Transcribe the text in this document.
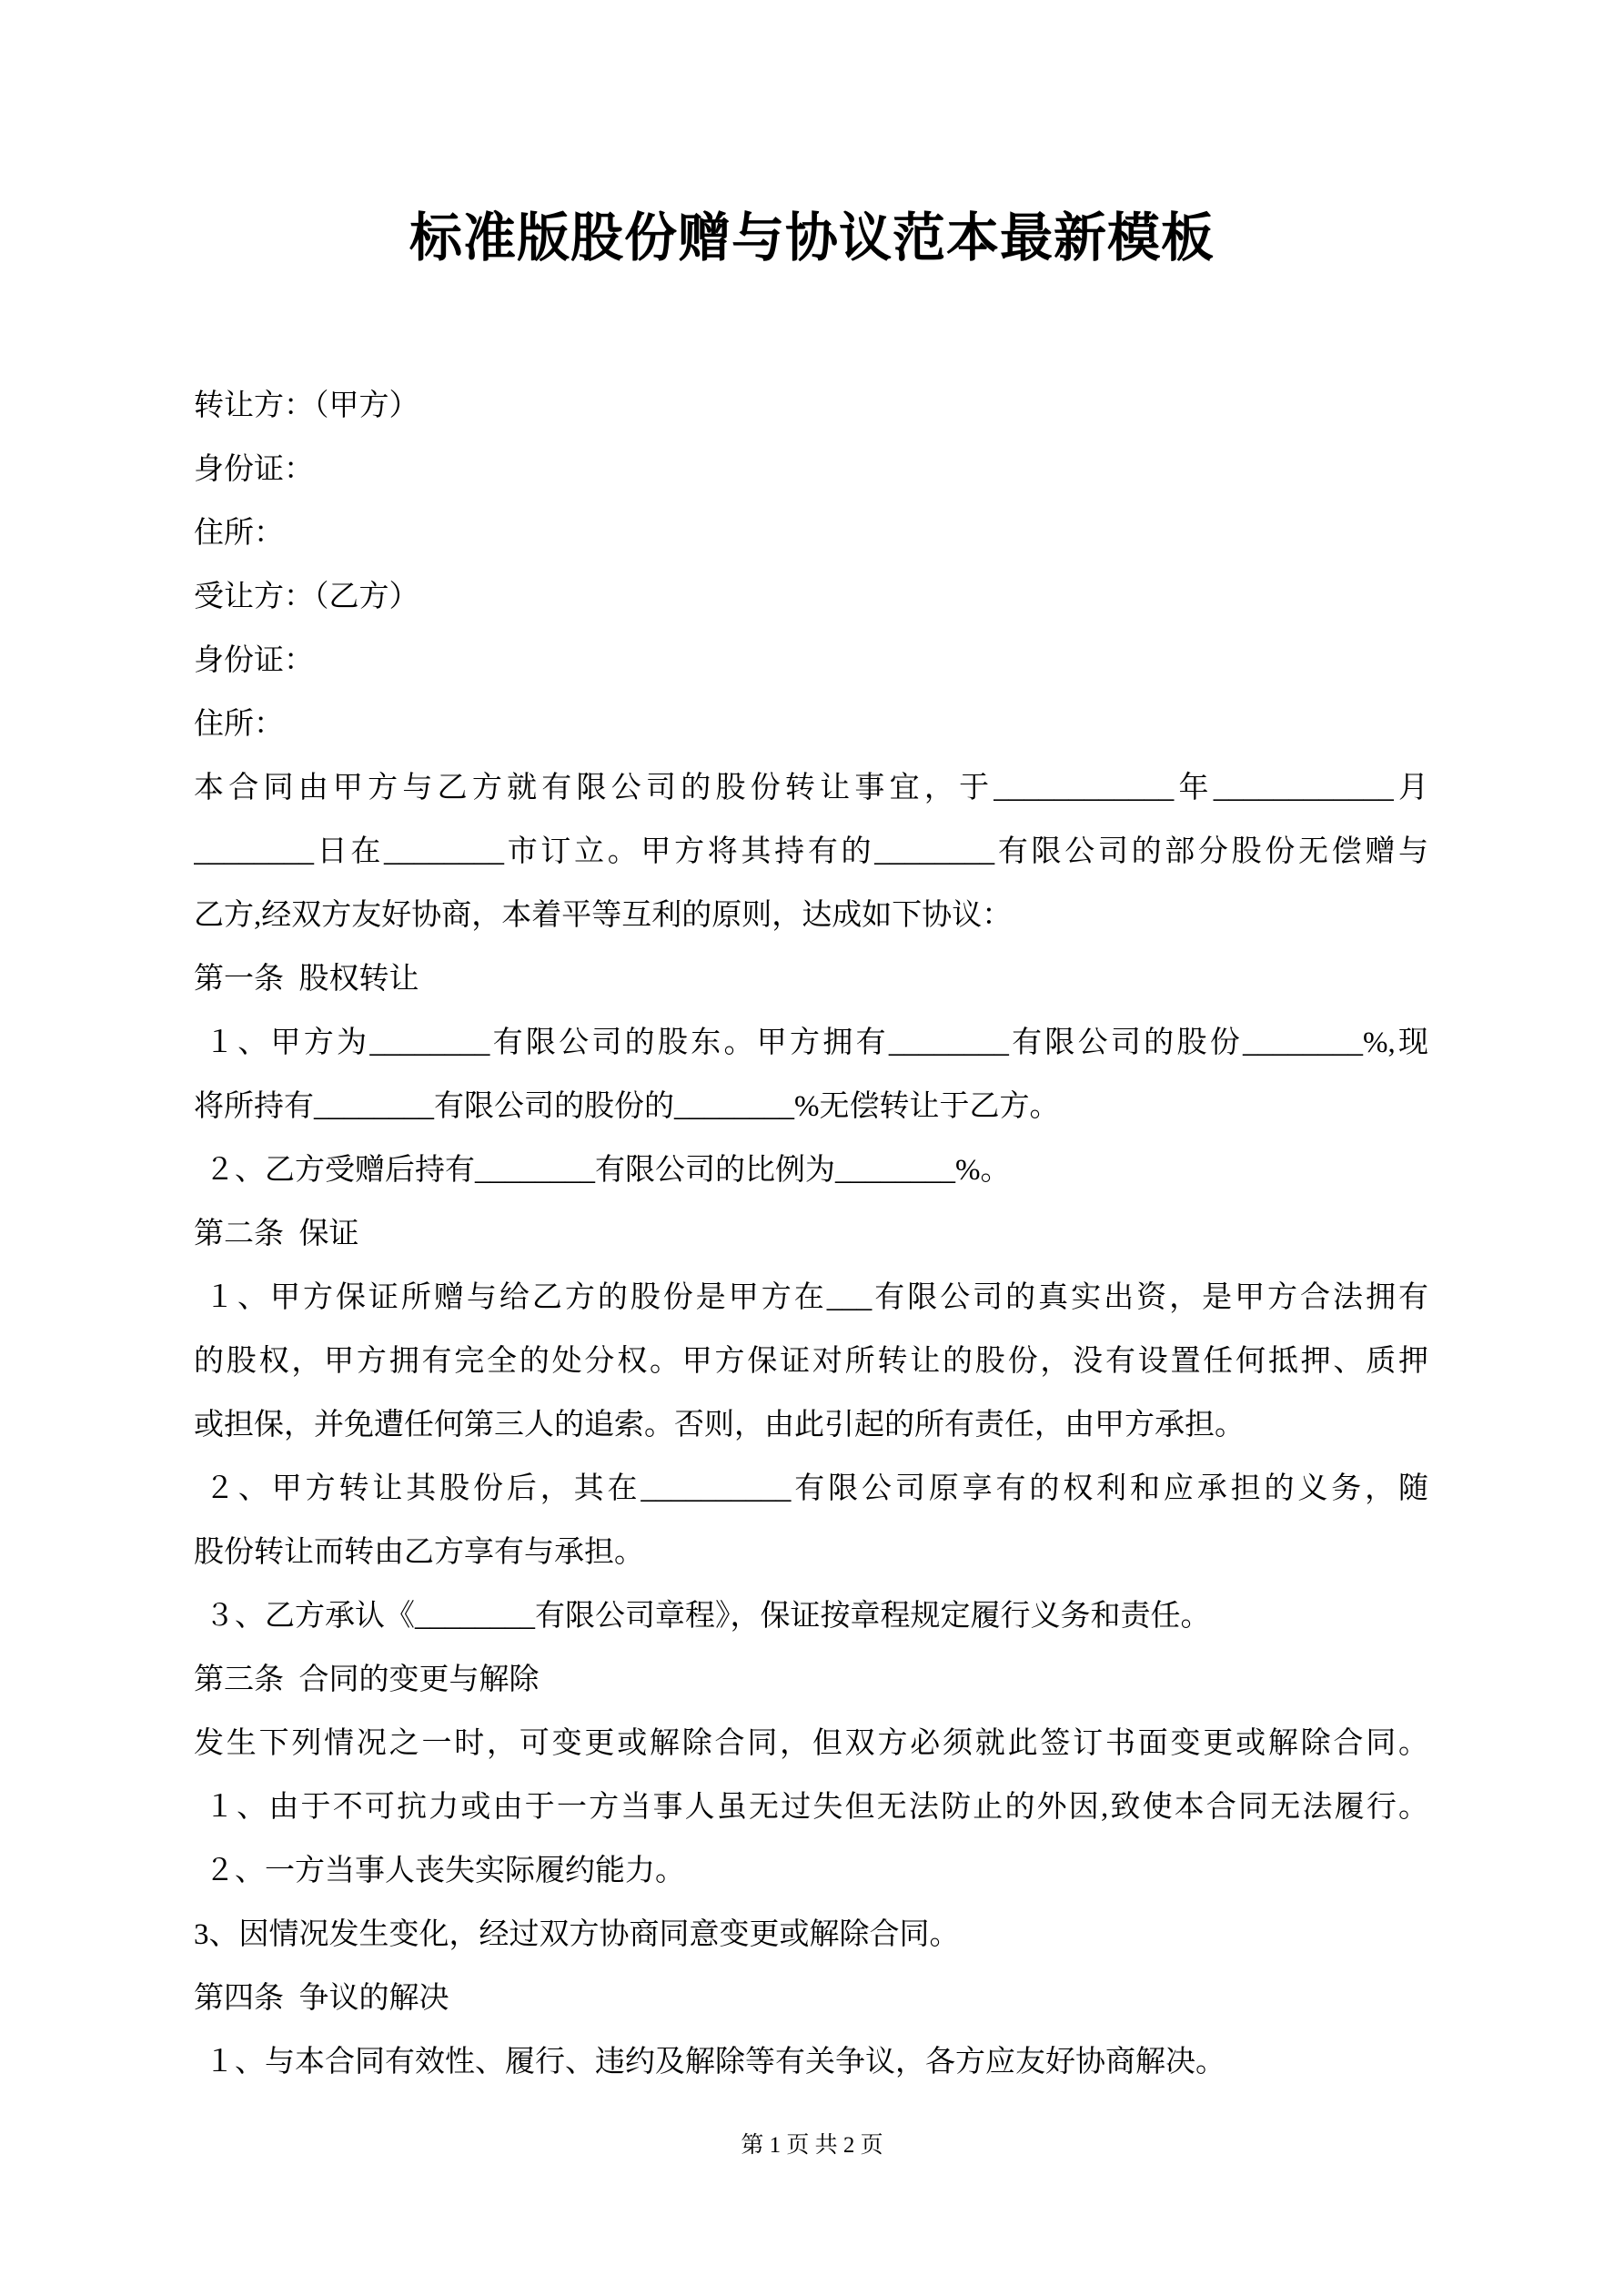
标准版股份赠与协议范本最新模板
转让方：（甲方）
身份证：
住所：
受让方：（乙方）
身份证：
住所：
本合同由甲方与乙方就有限公司的股份转让事宜，于____________年____________月
________日在________市订立。甲方将其持有的________有限公司的部分股份无偿赠与
乙方,经双方友好协商，本着平等互利的原则，达成如下协议：
第一条  股权转让
１、甲方为________有限公司的股东。甲方拥有________有限公司的股份________%,现
将所持有________有限公司的股份的________%无偿转让于乙方。
２、乙方受赠后持有________有限公司的比例为________%。
第二条  保证
１、甲方保证所赠与给乙方的股份是甲方在___有限公司的真实出资，是甲方合法拥有
的股权，甲方拥有完全的处分权。甲方保证对所转让的股份，没有设置任何抵押、质押
或担保，并免遭任何第三人的追索。否则，由此引起的所有责任，由甲方承担。
２、甲方转让其股份后，其在__________有限公司原享有的权利和应承担的义务，随
股份转让而转由乙方享有与承担。
３、乙方承认《________有限公司章程》，保证按章程规定履行义务和责任。
第三条  合同的变更与解除
发生下列情况之一时，可变更或解除合同，但双方必须就此签订书面变更或解除合同。
１、由于不可抗力或由于一方当事人虽无过失但无法防止的外因,致使本合同无法履行。
２、一方当事人丧失实际履约能力。
3、因情况发生变化，经过双方协商同意变更或解除合同。
第四条  争议的解决
１、与本合同有效性、履行、违约及解除等有关争议，各方应友好协商解决。
第 1 页 共 2 页
